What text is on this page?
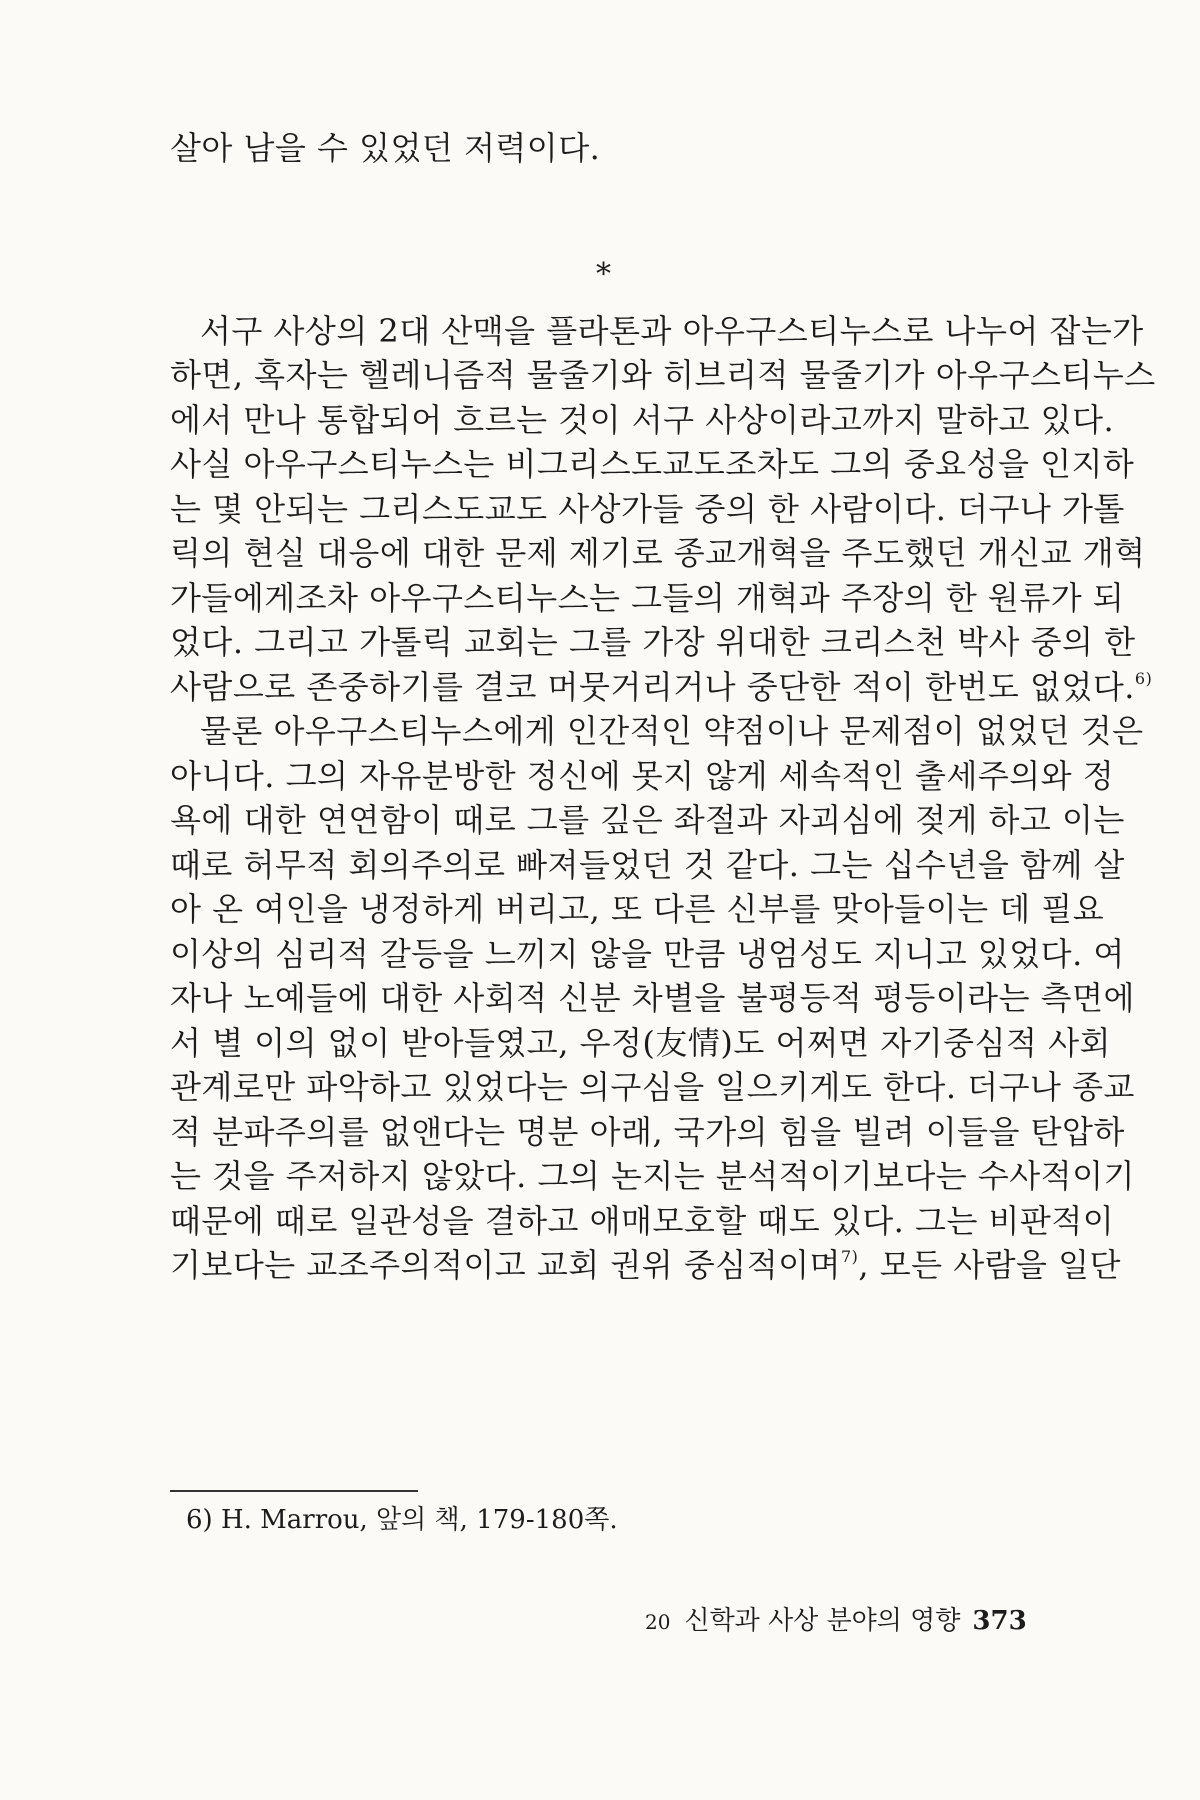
살아 남을 수 있었던 저력이다.
*
서구 사상의 2대 산맥을 플라톤과 아우구스티누스로 나누어 잡는가
하면, 혹자는 헬레니즘적 물줄기와 히브리적 물줄기가 아우구스티누스
에서 만나 통합되어 흐르는 것이 서구 사상이라고까지 말하고 있다.
사실 아우구스티누스는 비그리스도교도조차도 그의 중요성을 인지하
는 몇 안되는 그리스도교도 사상가들 중의 한 사람이다. 더구나 가톨
릭의 현실 대응에 대한 문제 제기로 종교개혁을 주도했던 개신교 개혁
가들에게조차 아우구스티누스는 그들의 개혁과 주장의 한 원류가 되
었다. 그리고 가톨릭 교회는 그를 가장 위대한 크리스천 박사 중의 한
사람으로 존중하기를 결코 머뭇거리거나 중단한 적이 한번도 없었다.$^{6)}$
물론 아우구스티누스에게 인간적인 약점이나 문제점이 없었던 것은
아니다. 그의 자유분방한 정신에 못지 않게 세속적인 출세주의와 정
욕에 대한 연연함이 때로 그를 깊은 좌절과 자괴심에 젖게 하고 이는
때로 허무적 회의주의로 빠져들었던 것 같다. 그는 십수년을 함께 살
아 온 여인을 냉정하게 버리고, 또 다른 신부를 맞아들이는 데 필요
이상의 심리적 갈등을 느끼지 않을 만큼 냉엄성도 지니고 있었다. 여
자나 노예들에 대한 사회적 신분 차별을 불평등적 평등이라는 측면에
서 별 이의 없이 받아들였고, 우정(友情)도 어쩌면 자기중심적 사회
관계로만 파악하고 있었다는 의구심을 일으키게도 한다. 더구나 종교
적 분파주의를 없앤다는 명분 아래, 국가의 힘을 빌려 이들을 탄압하
는 것을 주저하지 않았다. 그의 논지는 분석적이기보다는 수사적이기
때문에 때로 일관성을 결하고 애매모호할 때도 있다. 그는 비판적이
기보다는 교조주의적이고 교회 권위 중심적이며$^{7)}$, 모든 사람을 일단
6) H. Marrou, 앞의 책, 179-180쪽.
20 신학과 사상 분야의 영향 373
